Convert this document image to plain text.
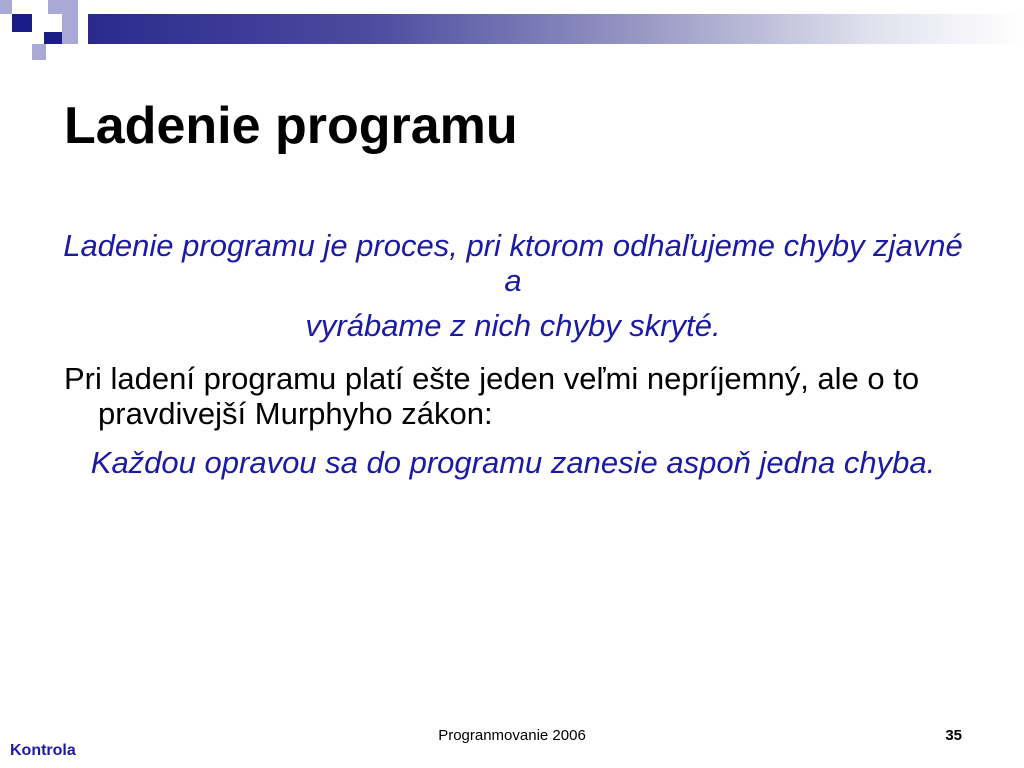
Ladenie programu

Ladenie programu je proces, pri ktorom odhaľujeme chyby zjavné a

vyrábame z nich chyby skryté.

Pri ladení programu platí ešte jeden veľmi nepríjemný, ale o to pravdivejší Murphyho zákon:

Každou opravou sa do programu zanesie aspoň jedna chyba.

Progranmovanie 2006	35
Kontrola
